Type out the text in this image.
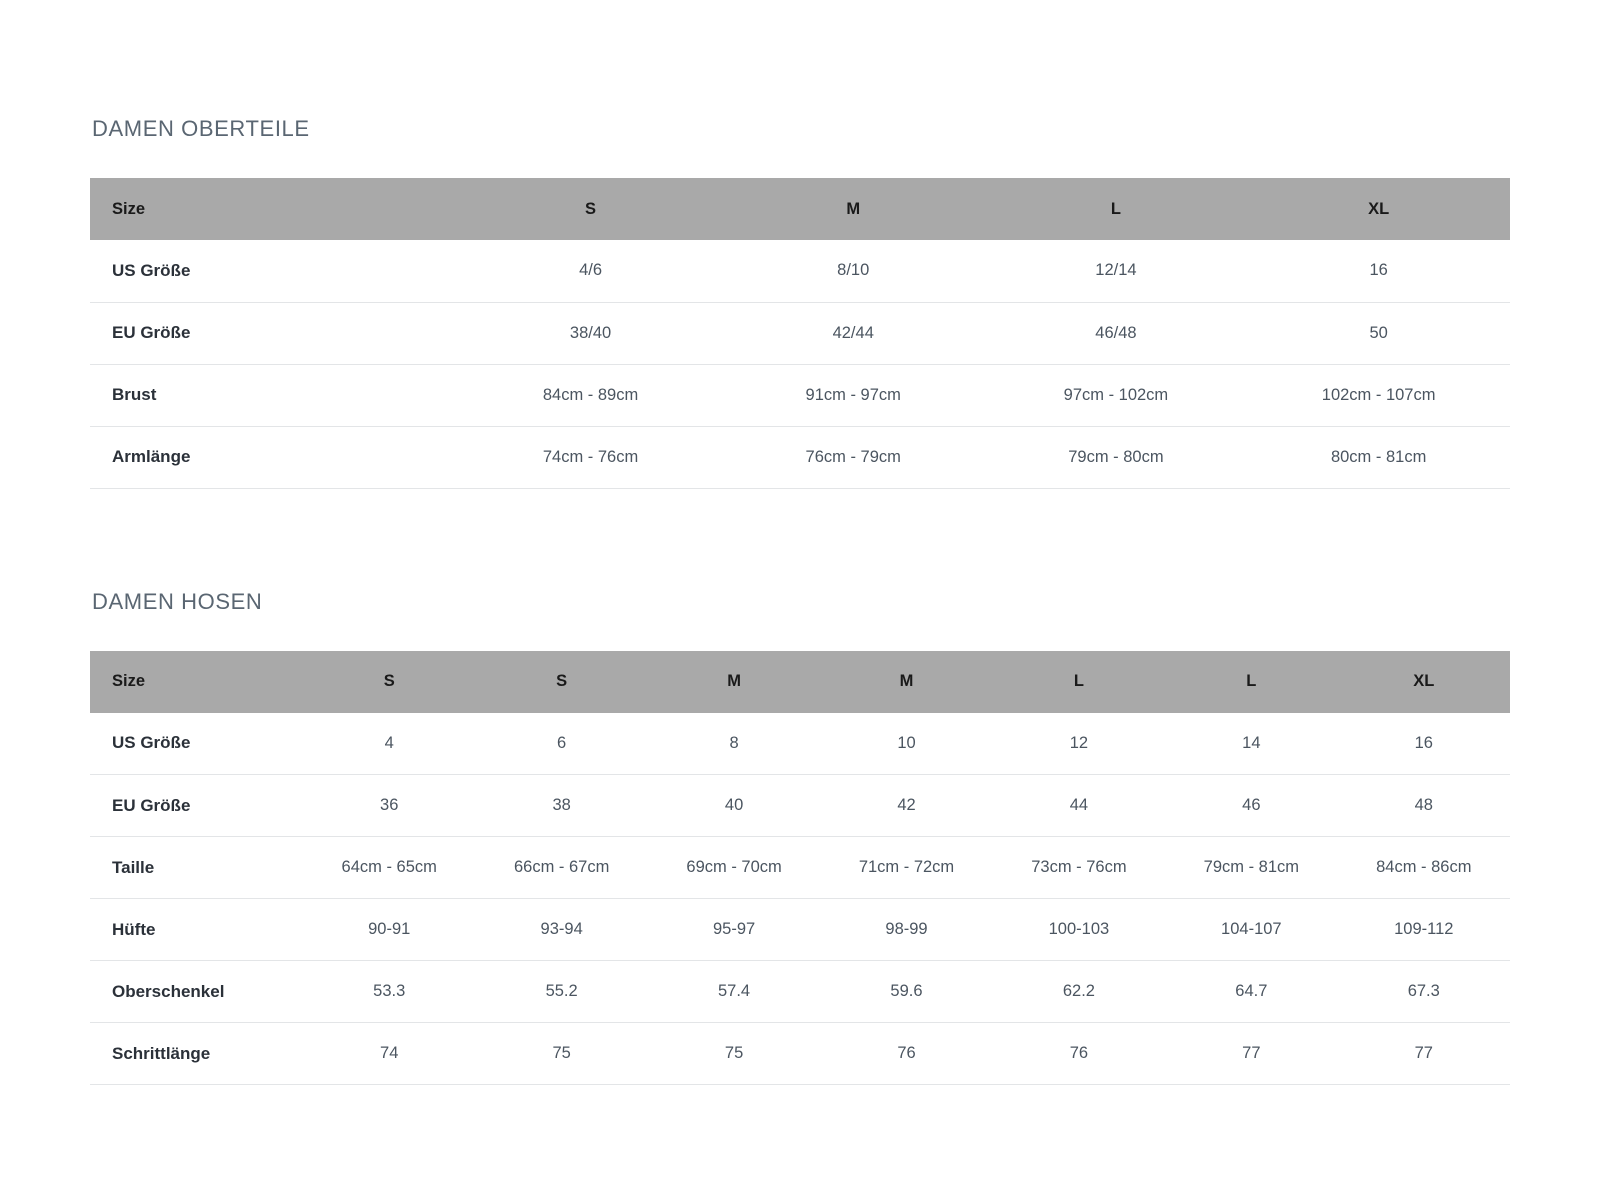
DAMEN OBERTEILE
Size	S	M	L	XL
US Größe	4/6	8/10	12/14	16
EU Größe	38/40	42/44	46/48	50
Brust	84cm - 89cm	91cm - 97cm	97cm - 102cm	102cm - 107cm
Armlänge	74cm - 76cm	76cm - 79cm	79cm - 80cm	80cm - 81cm
DAMEN HOSEN
Size	S	S	M	M	L	L	XL
US Größe	4	6	8	10	12	14	16
EU Größe	36	38	40	42	44	46	48
Taille	64cm - 65cm	66cm - 67cm	69cm - 70cm	71cm - 72cm	73cm - 76cm	79cm - 81cm	84cm - 86cm
Hüfte	90-91	93-94	95-97	98-99	100-103	104-107	109-112
Oberschenkel	53.3	55.2	57.4	59.6	62.2	64.7	67.3
Schrittlänge	74	75	75	76	76	77	77
